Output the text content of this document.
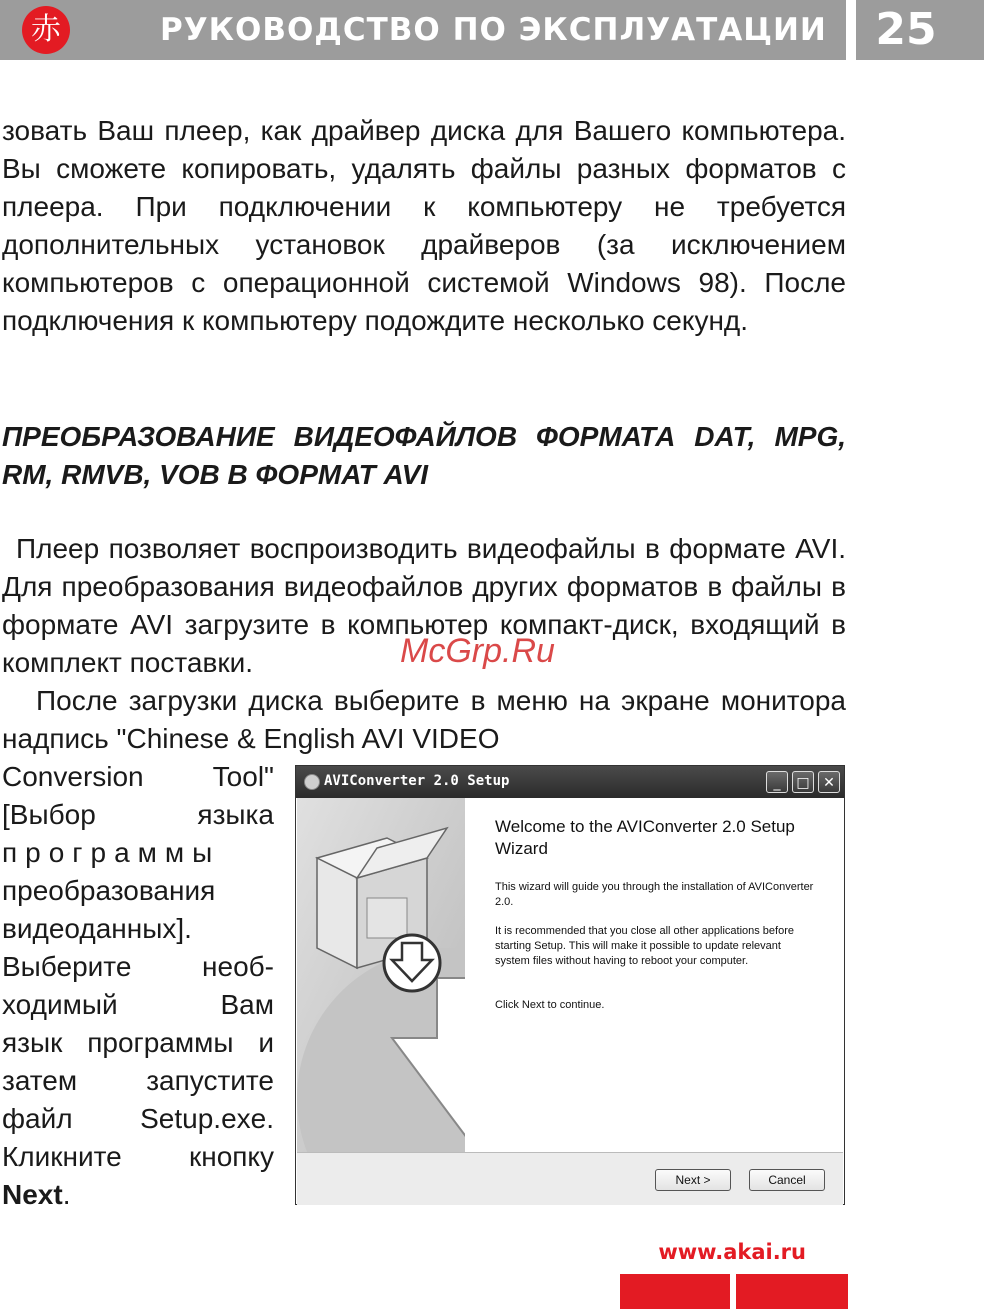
赤	РУКОВОДСТВО ПО ЭКСПЛУАТАЦИИ	25

зовать Ваш плеер, как драйвер диска для Вашего компьютера. Вы сможете копировать, удалять файлы разных форматов с плеера. При подключении к компьютеру не требуется дополнительных установок драйверов (за исключением компьютеров с операционной системой Windows 98). После подключения к компьютеру подождите несколько секунд.

ПРЕОБРАЗОВАНИЕ ВИДЕОФАЙЛОВ ФОРМАТА DAT, MPG, RM, RMVB, VOB В ФОРМАТ AVI

Плеер позволяет воспроизводить видеофайлы в формате AVI. Для преобразования видеофайлов других форматов в файлы в формате AVI загрузите в компьютер компакт-диск, входящий в комплект поставки.

После загрузки диска выберите в меню на экране монитора надпись "Chinese & English AVI VIDEO

Conversion Tool"
[Выбор языка
программы
преобразования
видеоданных].
Выберите необ-
ходимый Вам
язык программы и
затем запустите
файл Setup.exe.
Кликните кнопку
Next.
McGrp.Ru
AVIConverter 2.0 Setup	_	□ ✕
Welcome to the AVIConverter 2.0 Setup Wizard
This wizard will guide you through the installation of AVIConverter 2.0.
It is recommended that you close all other applications before starting Setup. This will make it possible to update relevant system files without having to reboot your computer.
Click Next to continue.
Next >	Cancel
www.akai.ru
